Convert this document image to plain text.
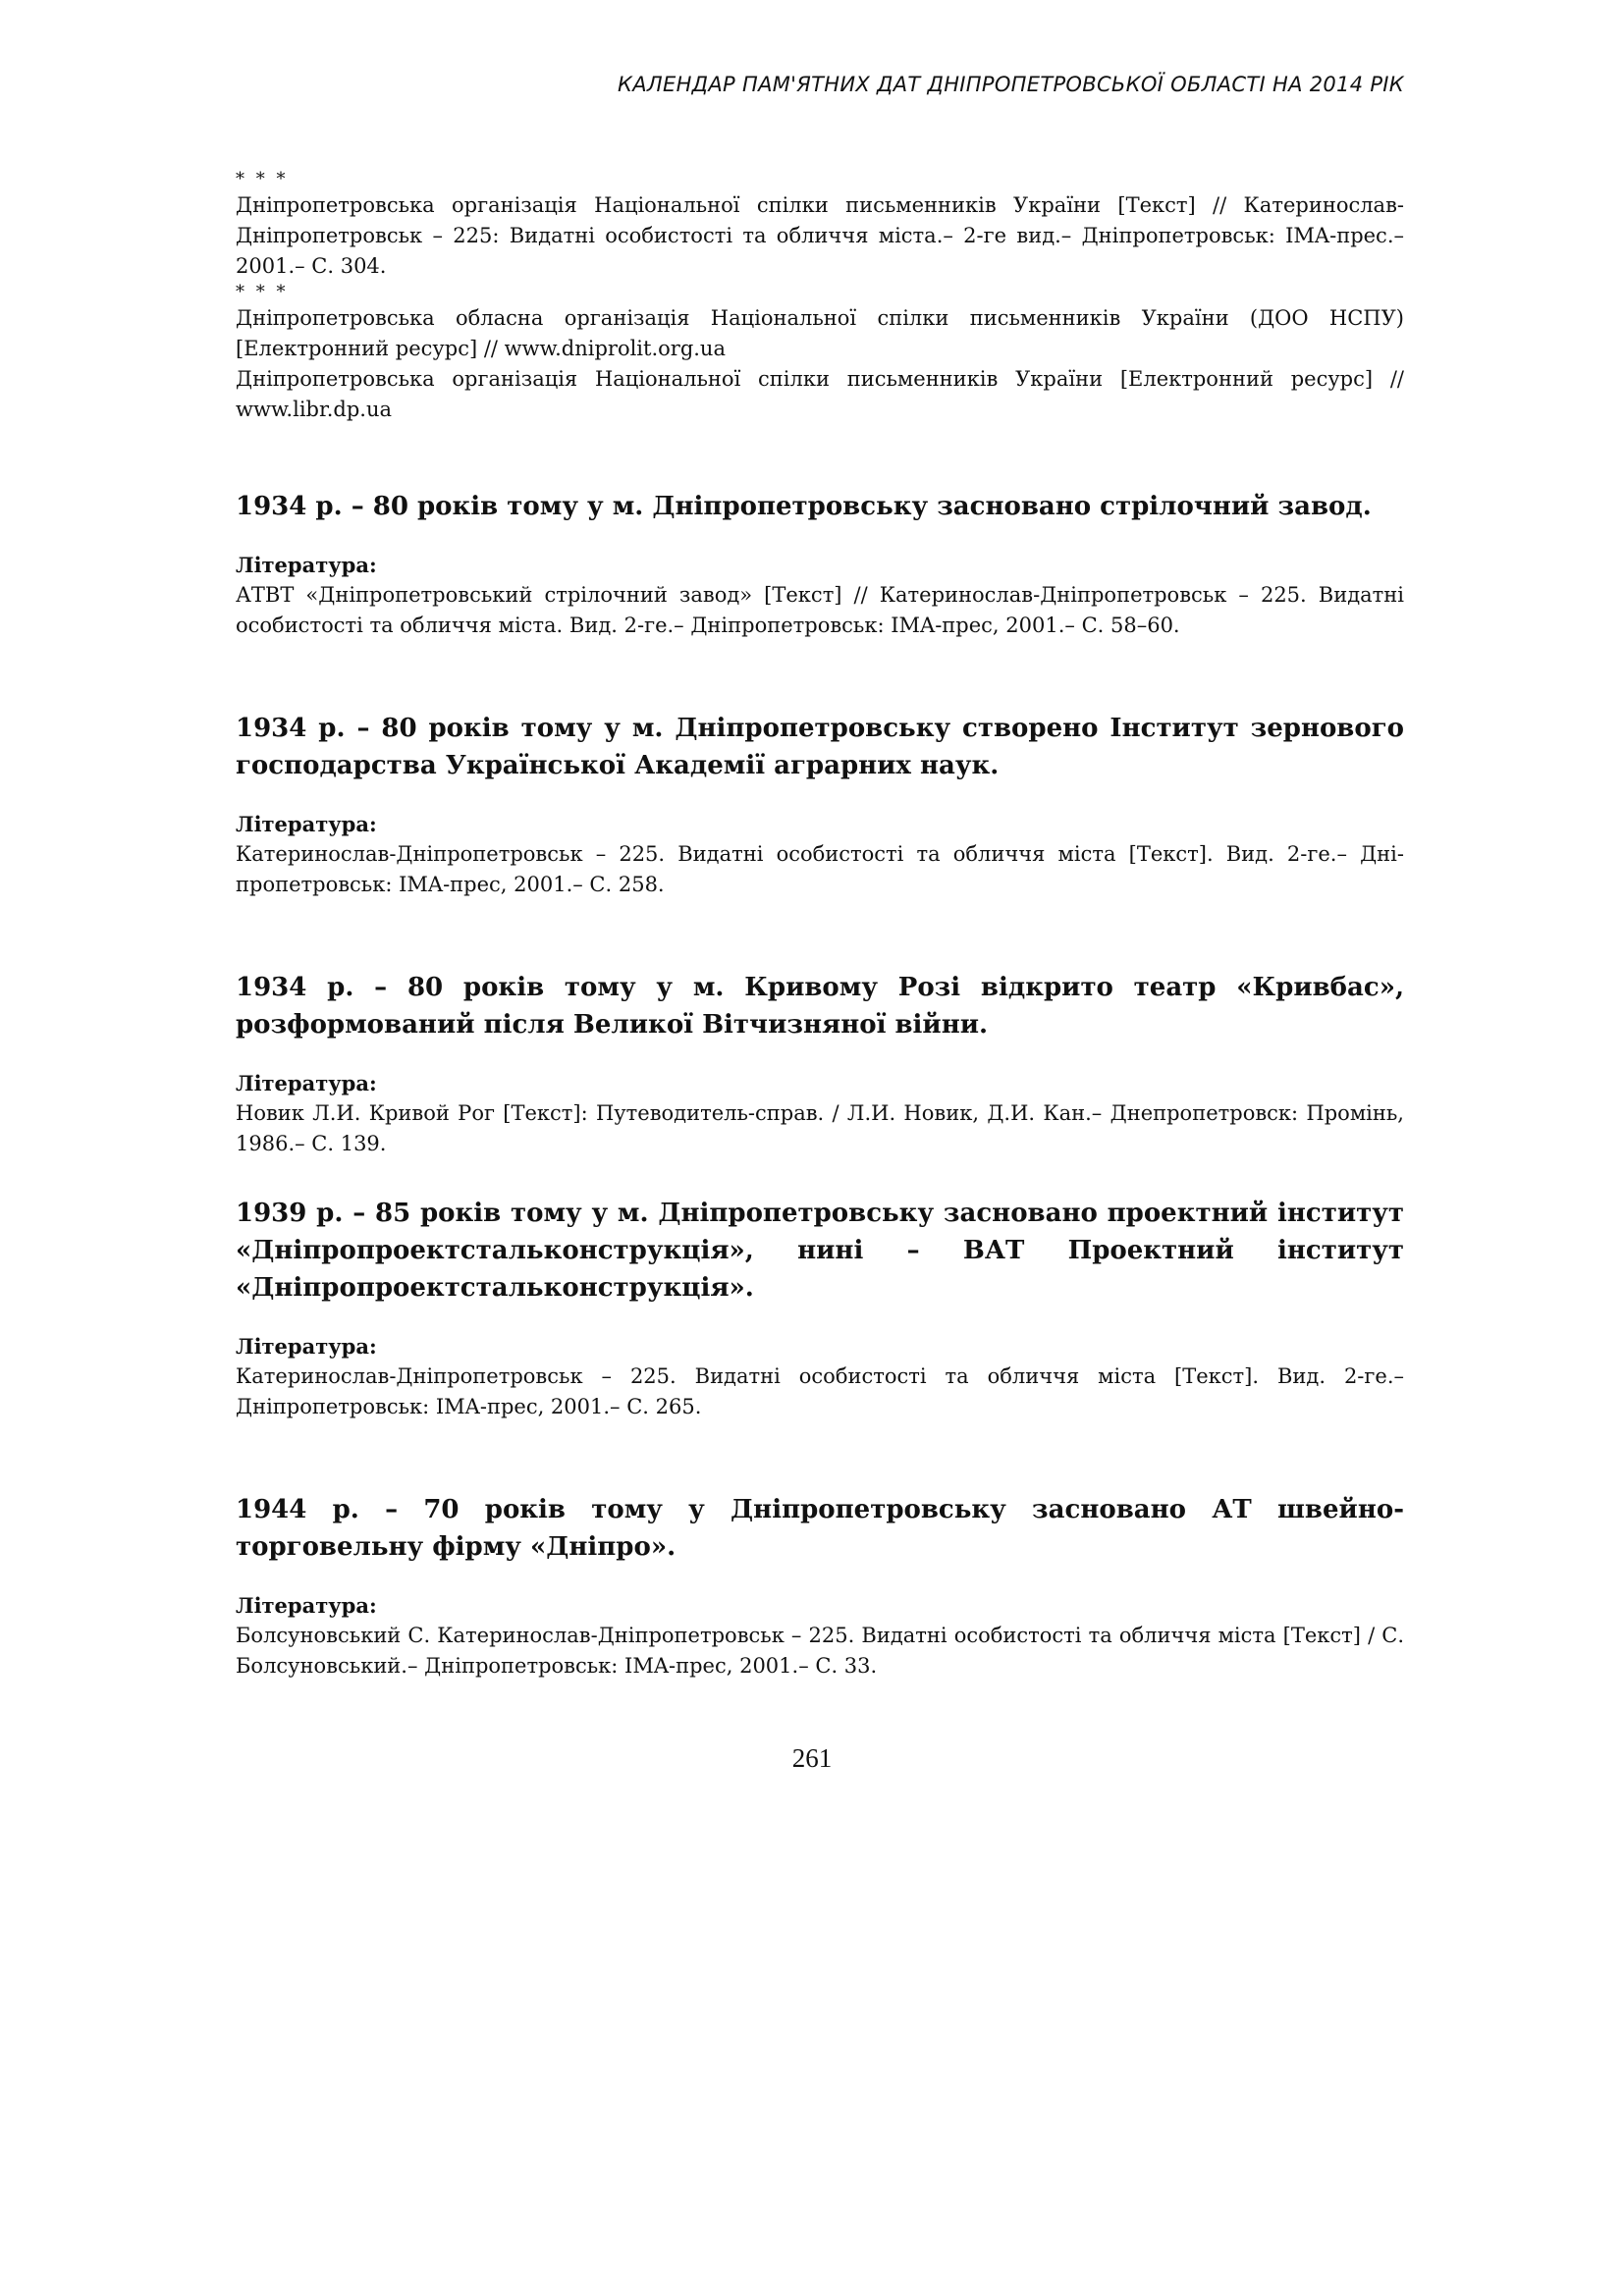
КАЛЕНДАР ПАМ'ЯТНИХ ДАТ ДНІПРОПЕТРОВСЬКОЇ ОБЛАСТІ НА 2014 РІК
* * *

Дніпропетровська організація Національної спілки письменників України [Текст] // Катеринослав-Дніпропетровськ – 225: Видатні особистості та обличчя міста.– 2-ге вид.– Дніпропетровськ: IMA-прес.– 2001.– С. 304.

* * *

Дніпропетровська обласна організація Національної спілки письменників України (ДОО НСПУ) [Електронний ресурс] // www.dniprolit.org.ua

Дніпропетровська організація Національної спілки письменників України [Електронний ресурс] // www.libr.dp.ua

1934 р. – 80 років тому у м. Дніпропетровську засновано стрілочний завод.

Література:

АТВТ «Дніпропетровський стрілочний завод» [Текст] // Катеринослав-Дніпропетровськ – 225. Видатні особистості та обличчя міста. Вид. 2-ге.– Дніпропетровськ: IMA-прес, 2001.– С. 58–60.

1934 р. – 80 років тому у м. Дніпропетровську створено Інститут зернового господарства Української Академії аграрних наук.

Література:

Катеринослав-Дніпропетровськ – 225. Видатні особистості та обличчя міста [Текст]. Вид. 2-ге.– Дні-пропетровськ: IMA-прес, 2001.– С. 258.

1934 р. – 80 років тому у м. Кривому Розі відкрито театр «Кривбас», розформований після Великої Вітчизняної війни.

Література:

Новик Л.И. Кривой Рог [Текст]: Путеводитель-справ. / Л.И. Новик, Д.И. Кан.– Днепропетровск: Промінь, 1986.– С. 139.

1939 р. – 85 років тому у м. Дніпропетровську засновано проектний інститут «Дніпропроектстальконструкція», нині – ВАТ Проектний інститут «Дніпропроектстальконструкція».

Література:

Катеринослав-Дніпропетровськ – 225. Видатні особистості та обличчя міста [Текст]. Вид. 2-ге.– Дніпропетровськ: IMA-прес, 2001.– С. 265.

1944 р. – 70 років тому у Дніпропетровську засновано АТ швейно-торговельну фірму «Дніпро».

Література:

Болсуновський С. Катеринослав-Дніпропетровськ – 225. Видатні особистості та обличчя міста [Текст] / С. Болсуновський.– Дніпропетровськ: IMA-прес, 2001.– С. 33.

261
